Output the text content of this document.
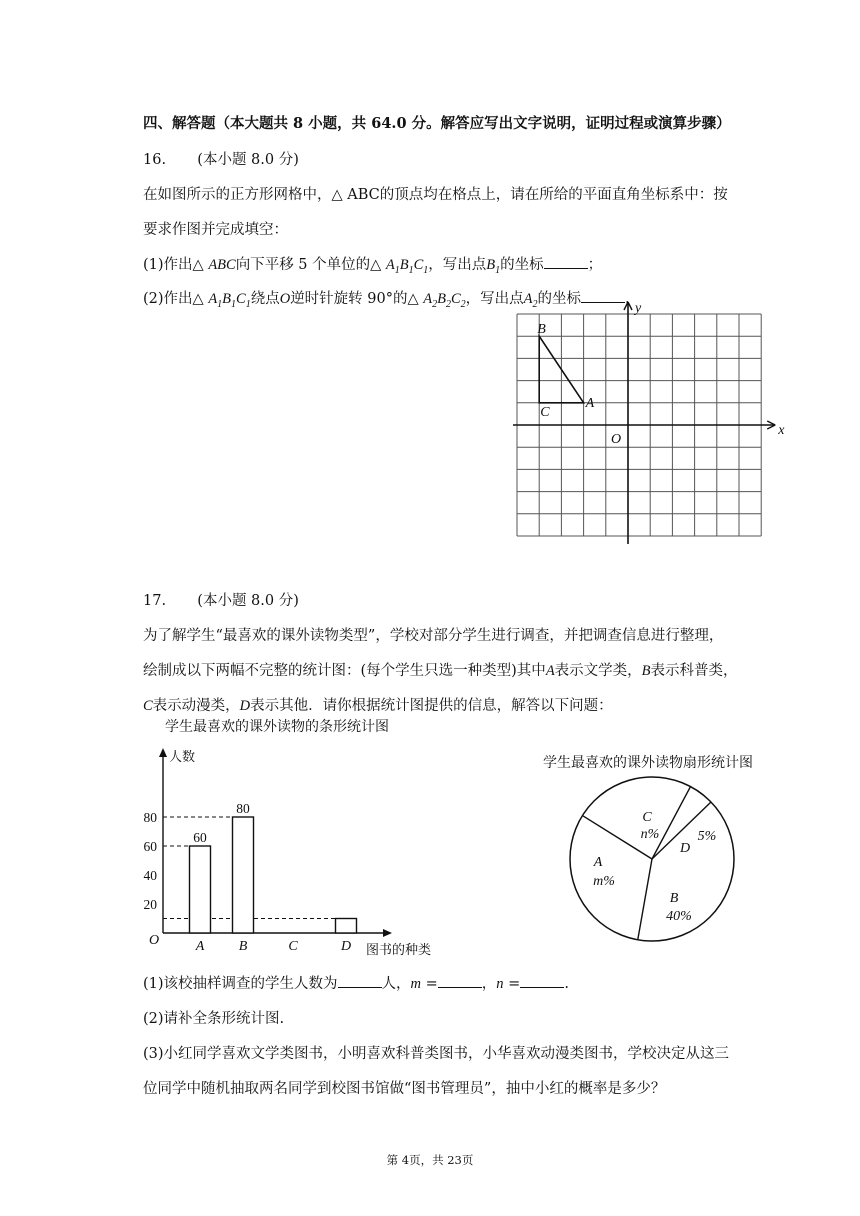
四、解答题（本大题共 8 小题，共 64.0 分。解答应写出文字说明，证明过程或演算步骤）
16. (本小题 8.0 分)
在如图所示的正方形网格中，△ ABC的顶点均在格点上，请在所给的平面直角坐标系中：按
要求作图并完成填空：
(1)作出△ ABC向下平移 5 个单位的△ $A_1B_1C_1$，写出点$B_1$的坐标	；
(2)作出△ $A_1B_1C_1$绕点O逆时针旋转 90°的△ $A_2B_2C_2$，写出点$A_2$的坐标	.
B
C
A
O
x
y
17. (本小题 8.0 分)
为了解学生“最喜欢的课外读物类型”，学校对部分学生进行调查，并把调查信息进行整理，
绘制成以下两幅不完整的统计图：(每个学生只选一种类型)其中A表示文学类，B表示科普类，
C表示动漫类，D表示其他．请你根据统计图提供的信息，解答以下问题：
学生最喜欢的课外读物的条形统计图
人数
图书的种类
O
20
40
60
80
60
A
80
B	C	D
学生最喜欢的课外读物扇形统计图
C
n%
D
5%
B
40%
A
m%
(1)该校抽样调查的学生人数为	人，m =	，n =	.
(2)请补全条形统计图.
(3)小红同学喜欢文学类图书，小明喜欢科普类图书，小华喜欢动漫类图书，学校决定从这三
位同学中随机抽取两名同学到校图书馆做“图书管理员”，抽中小红的概率是多少？
第 4页，共 23页
